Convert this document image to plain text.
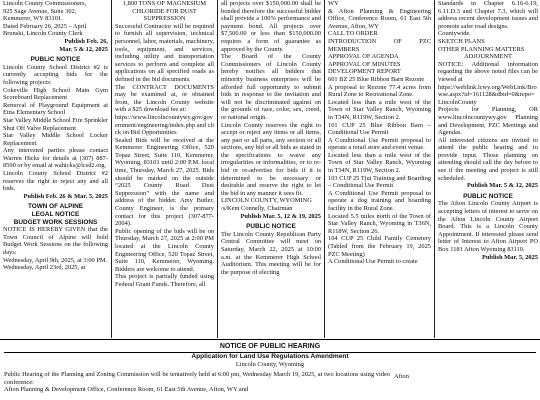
Lincoln County Commissioners,

925 Sage Avenue, Suite 302,

Kemmerer, WY 83101.

Dated February 26, 2025 – April

Brunski, Lincoln County Clerk

Publish Feb. 26,

Mar. 5 & 12, 2025

PUBLIC NOTICE

Lincoln County School District #2 is currently accepting bids for the following projects:

Cokeville High School Main Gym Scoreboard Replacement

Removal of Playground Equipment at Etna Elementary School

Star Valley Middle School Fire Sprinkler Shut Off Valve Replacement

Star Valley Middle School Locker Replacement

Any interested parties please contact Warren Hicks for details at (307) 887-8590 or by email at wahicks@lcsd2.org.

Lincoln County School District #2 reserves the right to reject any and all bids.

Publish Feb. 26 & Mar. 5, 2025

TOWN OF ALPINE
LEGAL NOTICE
BUDGET WORK SESSIONS

NOTICE IS HEREBY GIVEN that the Town Council of Alpine will hold Budget Work Sessions on the following days:

Wednesday, April 9th, 2025, at 3:00 PM.

Wednesday, April 23rd, 2025, at

1,800 TONS OF MAGNESIUM

CHLORIDE FOR DUST

SUPPRESSION

Successful Contractor will be required to furnish all supervision, technical personnel, labor, materials, machinery, tools, equipment, and services, including utility and transportation services to perform and complete all applications on all specified roads as defined in the bid documents.

The CONTRACT DOCUMENTS may be examined at, or obtained from, the Lincoln County website with a $25 download fee at:

https://www.lincolncountywy.gov/government/engineering/index.php and click on Bid Opportunities

Sealed Bids will be received at the Kemmerer Engineering Office, 520 Topaz Street, Suite 110, Kemmerer, Wyoming, 83101 until 2:00 P.M. local time, Thursday, March 27, 2025. Bids should be marked on the outside “2025 County Road Dust Suppression” with the name and address of the bidder. Amy Butler, County Engineer, is the primary contact for this project (307-877-2004).

Public opening of the bids will be on Thursday, March 27, 2025 at 2:00 PM located at the Lincoln County Engineering Office, 520 Topaz Street, Suite 110, Kemmerer, Wyoming. Bidders are welcome to attend.

This project is partially funded using Federal Grant Funds. Therefore, all

all projects over $150,000.00 shall be bonded therefore the successful bidder shall provide a 100% performance and payment bond. All projects over $7,500.00 or less than $150,000.00 requires a form of guarantee as approved by the County.

The Board of the County Commissioners of Lincoln County hereby notifies all bidders that minority business enterprises will be afforded full opportunity to submit bids in response to the invitation and will not be discriminated against on the grounds of race, color, sex, creed, or national origin.

Lincoln County reserves the right to accept or reject any items or all items, any part or all parts, any section or all sections, any bid or all bids as stated in the specifications to waive any irregularities or informalities, or to re-bid or re-advertise for bids if it is determined to be necessary or desirable and reserve the right to let the bid in any manner it sees fit.

LINCOLN COUNTY, WYOMING

/s/Kent Connelly, Chairman

Publish Mar. 5, 12 & 19, 2025

PUBLIC NOTICE

The Lincoln County Republican Party Central Committee will meet on Saturday, March 22, 2025 at 10:00 a.m. at the Kemmerer High School Auditorium. This meeting will be for the purpose of electing

WY

& Afton Planning & Engineering Office, Conference Room, 61 East 5th Avenue, Afton, WY

CALL TO ORDER

INTRODUCTION OF PZC MEMBERS

APPROVAL OF AGENDA

APPROVAL OF MINUTES

DEVELOPMENT REPORT

601 BZ 25 Blue Ribbon Barn Rezone

A proposal to Rezone 77.4 acres from Rural Zone to Recreational Zone.

Located less than a mile west of the Town of Star Valley Ranch, Wyoming in T34N, R119W, Section 2.

101 CUP 25 Blue Ribbon Barn – Conditional Use Permit

A Conditional Use Permit proposal to operate a retail store and event venue.

Located less than a mile west of the Town of Star Valley Ranch, Wyoming in T34N, R119W, Section 2.

103 CUP 25 Tjui Training and Boarding – Conditional Use Permit

A Conditional Use Permit proposal to operate a dog training and boarding facility in the Rural Zone.

Located 5.5 miles north of the Town of Star Valley Ranch, Wyoming in T36N, R118W, Section 26.

104 CUP 25 Child Family Cemetery (Tabled from the February 19, 2025 PZC Meeting)

A Conditional Use Permit to create

Standards in Chapter 6.16-6.19, 6.11.D.3 and Chapter 7.3, which will address recent development issues and promote safer road designs.

Countywide.

SKETCH PLANS

OTHER PLANNING MATTERS

ADJOURNMENT

NOTICE: Additional information regarding the above noted files can be viewed at

https://weblink.lcwy.org/WebLink/Browse.aspx?id=161128&dbid=0&repo=LincolnCounty

Projects for Planning, OR www.lincolncountywy.gov Planning and Development, PZC Meetings and Agendas.

All interested citizens are invited to attend the public hearing and to provide input. Those planning on attending should call the day before to see if the meeting and project is still scheduled.

Publish Mar. 5 & 12, 2025

PUBLIC NOTICE

The Afton Lincoln County Airport is accepting letters of interest to serve on the Afton Lincoln County Airport Board. This is a Lincoln County Appointment. If interested please send letter of Interest to Afton Airport PO Box 1181 Afton Wyoming 83110.

Publish Mar. 5, 2025

NOTICE OF PUBLIC HEARING
Application for Land Use Regulations Amendment
Lincoln County, Wyoming

Public Hearing of the Planning and Zoning Commission will be tentatively held at 6:00 pm, Wednesday March 19, 2025, at two locations using video conference:

Afton Planning & Development Office, Conference Room, 61 East 5th Avenue, Afton, WY and

Afton
